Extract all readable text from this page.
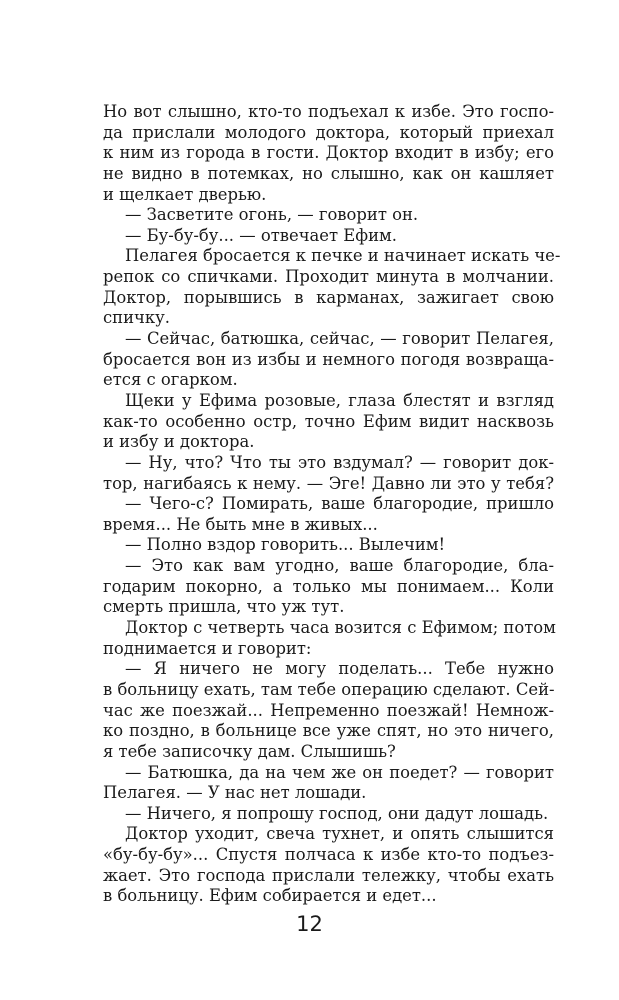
Но вот слышно, кто-то подъехал к избе. Это госпо-
да прислали молодого доктора, который приехал
к ним из города в гости. Доктор входит в избу; его
не видно в потемках, но слышно, как он кашляет
и щелкает дверью.
— Засветите огонь, — говорит он.
— Бу-бу-бу... — отвечает Ефим.
Пелагея бросается к печке и начинает искать че-
репок со спичками. Проходит минута в молчании.
Доктор, порывшись в карманах, зажигает свою
спичку.
— Сейчас, батюшка, сейчас, — говорит Пелагея,
бросается вон из избы и немного погодя возвраща-
ется с огарком.
Щеки у Ефима розовые, глаза блестят и взгляд
как-то особенно остр, точно Ефим видит насквозь
и избу и доктора.
— Ну, что? Что ты это вздумал? — говорит док-
тор, нагибаясь к нему. — Эге! Давно ли это у тебя?
— Чего-с? Помирать, ваше благородие, пришло
время... Не быть мне в живых...
— Полно вздор говорить... Вылечим!
— Это как вам угодно, ваше благородие, бла-
годарим покорно, а только мы понимаем... Коли
смерть пришла, что уж тут.
Доктор с четверть часа возится с Ефимом; потом
поднимается и говорит:
— Я ничего не могу поделать... Тебе нужно
в больницу ехать, там тебе операцию сделают. Сей-
час же поезжай... Непременно поезжай! Немнож-
ко поздно, в больнице все уже спят, но это ничего,
я тебе записочку дам. Слышишь?
— Батюшка, да на чем же он поедет? — говорит
Пелагея. — У нас нет лошади.
— Ничего, я попрошу господ, они дадут лошадь.
Доктор уходит, свеча тухнет, и опять слышится
«бу-бу-бу»... Спустя полчаса к избе кто-то подъез-
жает. Это господа прислали тележку, чтобы ехать
в больницу. Ефим собирается и едет...
12
